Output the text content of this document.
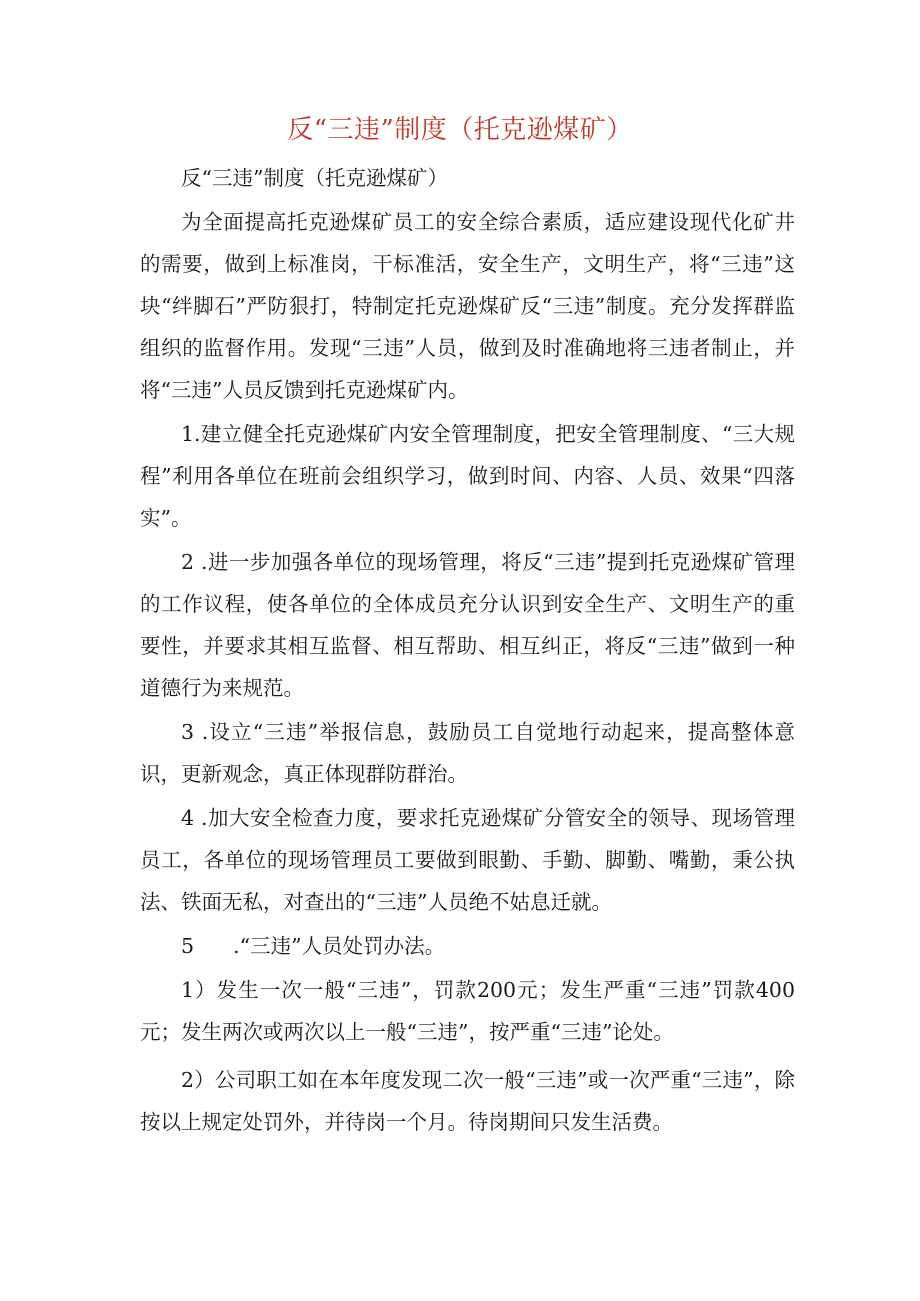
反“三违”制度（托克逊煤矿）

反“三违”制度（托克逊煤矿）

为全面提高托克逊煤矿员工的安全综合素质，适应建设现代化矿井的需要，做到上标准岗，干标准活，安全生产，文明生产，将“三违”这块“绊脚石”严防狠打，特制定托克逊煤矿反“三违”制度。充分发挥群监组织的监督作用。发现“三违”人员，做到及时准确地将三违者制止，并将“三违”人员反馈到托克逊煤矿内。

1.建立健全托克逊煤矿内安全管理制度，把安全管理制度、“三大规程”利用各单位在班前会组织学习，做到时间、内容、人员、效果“四落实”。

2 .进一步加强各单位的现场管理，将反“三违”提到托克逊煤矿管理的工作议程，使各单位的全体成员充分认识到安全生产、文明生产的重要性，并要求其相互监督、相互帮助、相互纠正，将反“三违”做到一种道德行为来规范。

3 .设立“三违”举报信息，鼓励员工自觉地行动起来，提高整体意识，更新观念，真正体现群防群治。

4 .加大安全检查力度，要求托克逊煤矿分管安全的领导、现场管理员工，各单位的现场管理员工要做到眼勤、手勤、脚勤、嘴勤，秉公执法、铁面无私，对查出的“三违”人员绝不姑息迁就。

5      .“三违”人员处罚办法。

1）发生一次一般“三违”，罚款200元；发生严重“三违”罚款400元；发生两次或两次以上一般“三违”，按严重“三违”论处。

2）公司职工如在本年度发现二次一般“三违”或一次严重“三违”，除按以上规定处罚外，并待岗一个月。待岗期间只发生活费。
